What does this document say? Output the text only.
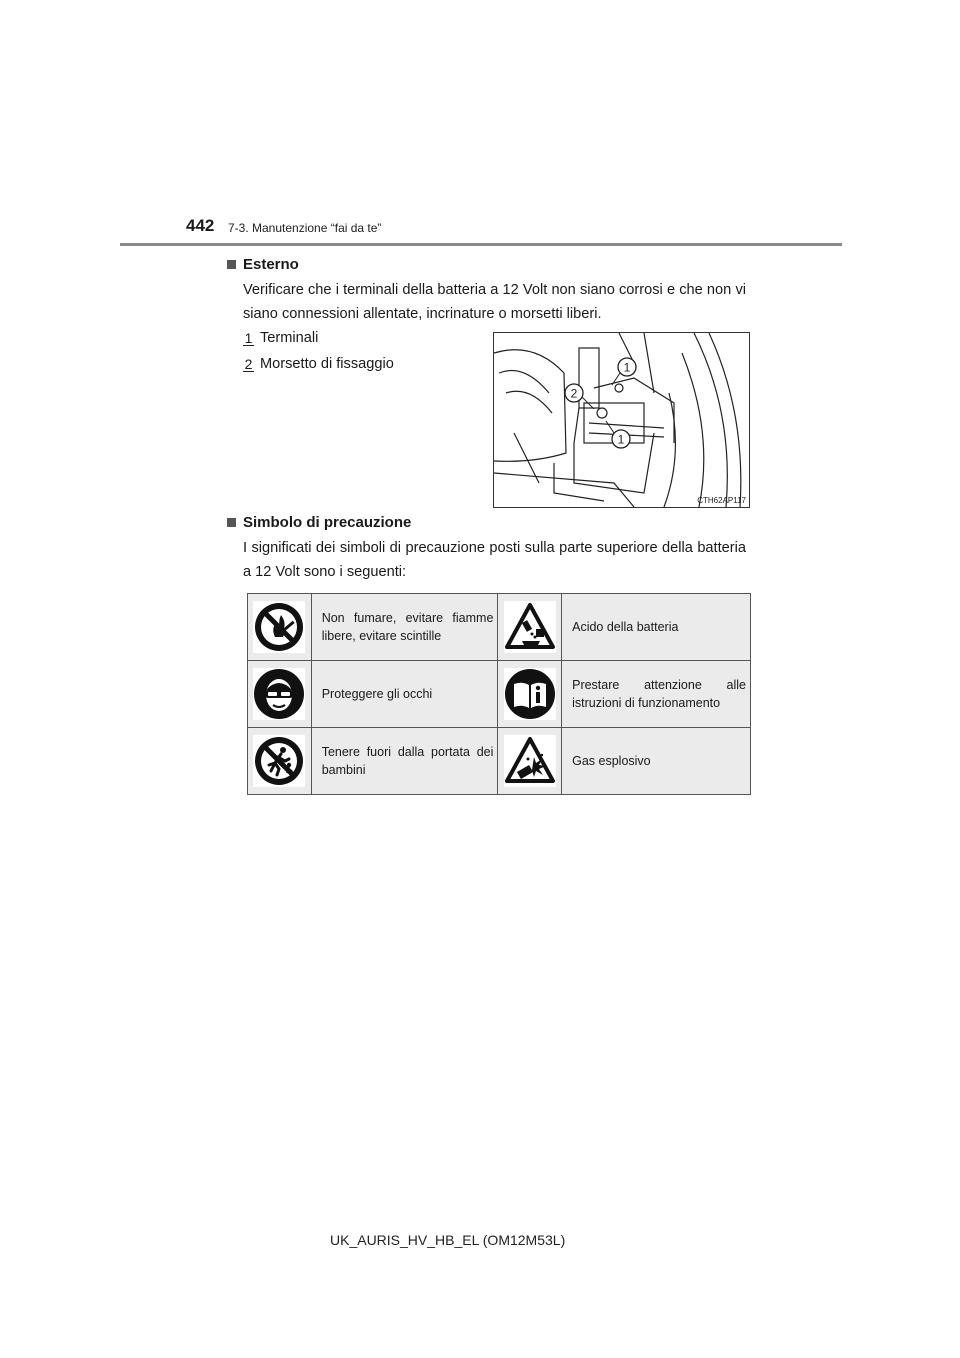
442 7-3. Manutenzione “fai da te”
Esterno
Verificare che i terminali della batteria a 12 Volt non siano corrosi e che non vi siano connessioni allentate, incrinature o morsetti liberi.
1 Terminali
2 Morsetto di fissaggio	1
2
1
CTH62AP117
Simbolo di precauzione
I significati dei simboli di precauzione posti sulla parte superiore della batteria a 12 Volt sono i seguenti:
	Non fumare, evitare fiamme libere, evitare scintille		Acido della batteria

	Proteggere gli occhi		Prestare attenzione alle istruzioni di funzionamento

	Tenere fuori dalla portata dei bambini		Gas esplosivo
UK_AURIS_HV_HB_EL (OM12M53L)
